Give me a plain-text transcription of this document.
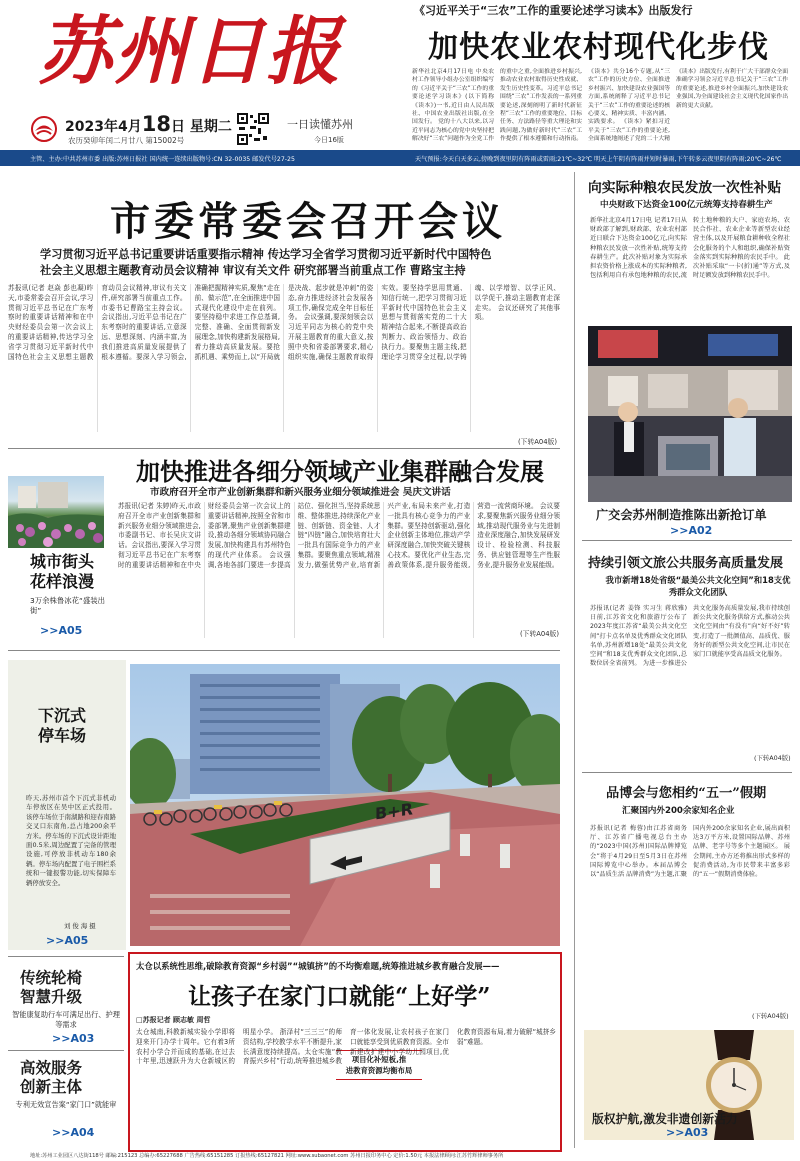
苏州日报
2023年4月18日 星期二
农历癸卯年闰二月廿八 第15002号
一日读懂苏州
今日16版
《习近平关于“三农”工作的重要论述学习读本》出版发行
加快农业农村现代化步伐
新华社北京4月17日电 中央农村工作领导小组办公室组织编写的《习近平关于“三农”工作的重要论述学习读本》(以下简称《读本》)一书,近日由人民出版社、中国农业出版社出版,在全国发行。 党的十八大以来,以习近平同志为核心的党中央坚持把解决好“三农”问题作为全党工作的重中之重,全面推进乡村振兴,推动农业农村取得历史性成就、发生历史性变革。习近平总书记围绕“三农”工作发表的一系列重要论述,深刻阐明了新时代新征程“三农”工作的重要地位、目标任务、方法路径等重大理论和实践问题,为做好新时代“三农”工作提供了根本遵循和行动指南。《读本》共分16个专题,从“三农”工作的历史方位、全面推进乡村振兴、加快建设农业强国等方面,系统阐释了习近平总书记关于“三农”工作的重要论述的核心要义、精神实质、丰富内涵、实践要求。 《读本》紧扣习近平关于“三农”工作的重要论述,全面系统地阐述了党的二十大精
《读本》出版发行,有利于广大干部群众全面准确学习领会习近平总书记关于“三农”工作的重要论述,推进乡村全面振兴,加快建设农业强国,为全面建设社会主义现代化国家作出新的更大贡献。
主管、主办:中共苏州市委 出版:苏州日报社 国内统一连续出版物号:CN 32-0035 邮发代号27-25	天气预报:今天白天多云,傍晚到夜里阴有阵雨或雷雨;21℃~32℃ 明天上午阴有阵雨并短时暴雨,下午转多云夜里阴有阵雨;20℃~26℃
市委常委会召开会议
学习贯彻习近平总书记重要讲话重要指示精神 传达学习全省学习贯彻习近平新时代中国特色
社会主义思想主题教育动员会议精神 审议有关文件 研究部署当前重点工作 曹路宝主持
苏报讯(记者 赵焱 彭也凝)昨天,市委常委会召开会议,学习贯彻习近平总书记在广东考察时的重要讲话精神和在中央财经委员会第一次会议上的重要讲话精神,传达学习全省学习贯彻习近平新时代中国特色社会主义思想主题教育动员会议精神,审议有关文件,研究部署当前重点工作。市委书记曹路宝主持会议。 会议指出,习近平总书记在广东考察时的重要讲话,立意深远、思想深刻、内涵丰富,为我们推进高质量发展提供了根本遵循。要深入学习领会,准确把握精神实质,聚焦“走在前、做示范”,在全面推进中国式现代化建设中走在前列。要坚持稳中求进工作总基调,完整、准确、全面贯彻新发展理念,加快构建新发展格局,着力推动高质量发展。要抢抓机遇、乘势而上,以“开局就是决战、起步就是冲刺”的姿态,奋力推进经济社会发展各项工作,确保完成全年目标任务。 会议强调,要深刻领会以习近平同志为核心的党中央开展主题教育的重大意义,按照中央和省委部署要求,精心组织实施,确保主题教育取得实效。要坚持学思用贯通、知信行统一,把学习贯彻习近平新时代中国特色社会主义思想与贯彻落实党的二十大精神结合起来,不断提高政治判断力、政治领悟力、政治执行力。要聚焦主题主线,把理论学习贯穿全过程,以学铸魂、以学增智、以学正风、以学促干,推动主题教育走深走实。 会议还研究了其他事项。
(下转A04版)
加快推进各细分领域产业集群融合发展
市政府召开全市产业创新集群和新兴服务业细分领域推进会 吴庆文讲话
城市街头
花样浪漫
3万余株鲁冰花“盛装出街”
>>A05
苏报讯(记者 朱婷)昨天,市政府召开全市产业创新集群和新兴服务业细分领域推进会,市委副书记、市长吴庆文讲话。会议指出,要深入学习贯彻习近平总书记在广东考察时的重要讲话精神和在中央财经委员会第一次会议上的重要讲话精神,按照全省和市委部署,聚焦产业创新集群建设,推动各细分领域协同融合发展,加快构建具有苏州特色的现代产业体系。 会议强调,各地各部门要进一步提高站位、强化担当,坚持系统思维、整体推进,持续深化产业链、创新链、资金链、人才链“四链”融合,加快培育壮大一批具有国际竞争力的产业集群。要聚焦重点领域,精准发力,做强优势产业,培育新兴产业,布局未来产业,打造一批具有核心竞争力的产业集群。要坚持创新驱动,强化企业创新主体地位,推动产学研深度融合,加快突破关键核心技术。要优化产业生态,完善政策体系,提升服务能级,营造一流营商环境。 会议要求,要聚焦新兴服务业细分领域,推动现代服务业与先进制造业深度融合,加快发展研发设计、检验检测、科技服务、供应链管理等生产性服务业,提升服务业发展能级。
(下转A04版)
下沉式
停车场
昨天,苏州市首个下沉式非机动车停放区在吴中区正式投用。 该停车场位于南湖路和迎春南路交叉口东南角,总占地200余平方米。停车场的下沉式设计距地面0.5米,周边配置了完备的管理设施,可停放非机动车180余辆。停车场内配置了电子围栏系统和一键报警功能,切实保障车辆停放安全。
刘 俊 海 摄
>>A05
B+R
太仓以系统性思维,破除教育资源“乡村弱”“城镇挤”的不均衡难题,统筹推进城乡教育融合发展——
让孩子在家门口就能“上好学”
□苏报记者 顾志敏 周哲
项目化补短板,推
进教育资源均衡布局
太仓城南,科教新城实验小学即将迎来开门办学十周年。它有着3所农村小学合并而成的基础,在过去十年里,迅速跃升为大仓新城区的明星小学。 浙泽村“三三三”的师资结构,学校教学水平不断提升,家长满意度持续提高。太仓实施“教育振兴乡村”行动,统筹推进城乡教育一体化发展,让农村孩子在家门口就能享受到优质教育资源。全市新建改扩建中小学幼儿园项目,优化教育资源布局,着力破解“城挤乡弱”难题。
传统轮椅
智慧升级
智能康复助行车可满足出行、护理等需求
>>A03
高效服务
创新主体
专利无效宣告案“家门口”就能审
>>A04
向实际种粮农民发放一次性补贴
中央财政下达资金100亿元统筹支持春耕生产
新华社北京4月17日电 记者17日从财政部了解到,财政部、农业农村部近日联合下达资金100亿元,向实际种粮农民发放一次性补贴,统筹支持春耕生产。此次补贴对象为实际承担农资价格上涨成本的实际种粮者,包括利用自有承包地种粮的农民,流转土地种粮的大户、家庭农场、农民合作社、农业企业等新型农业经营主体,以及开展粮食耕种收全程社会化服务的个人和组织,确保补贴资金落实到实际种粮的农民手中。 此次补贴采取“一卡(折)通”等方式,及时足额发放到种粮农民手中。
广交会苏州制造推陈出新抢订单
>>A02
持续引领文旅公共服务高质量发展
我市新增18处省级“最美公共文化空间”和18支优秀群众文化团队
苏报讯(记者 姜锋 实习生 蒋欣雅)日前,江苏省文化和旅游厅公布了2023年度江苏省“最美公共文化空间”打卡点名单及优秀群众文化团队名单,苏州新增18处“最美公共文化空间”和18支优秀群众文化团队,总数位居全省前列。 为进一步推进公共文化服务高质量发展,我市持续创新公共文化服务供给方式,推动公共文化空间由“有没有”向“好不好”转变,打造了一批颜值高、品质优、服务好的新型公共文化空间,让市民在家门口就能享受高品质文化服务。
(下转A04版)
品博会与您相约“五一”假期
汇聚国内外200余家知名企业
苏报讯(记者 梅蓉)由江苏省商务厅、江苏省广播电视总台主办的“2023中国(苏州)国际品牌博览会”将于4月29日至5月3日在苏州国际博览中心举办。本届品博会以“品质生活 品牌消费”为主题,汇聚国内外200余家知名企业,展出面积达3万平方米,设置国际品牌、苏州品牌、老字号等多个主题展区。 展会期间,主办方还将推出形式多样的促消费活动,为市民带来丰富多彩的“五一”假期消费体验。
(下转A04版)
版权护航,激发非遗创新活力
>>A03
地址:苏州工业园区八达街118号 邮编:215123 总编办:65227688 广告热线:65151285 订报热线:65127821 网址:www.subaonet.com 苏州日报印务中心 定价:1.50元 本报法律顾问:江苏竹辉律师事务所
